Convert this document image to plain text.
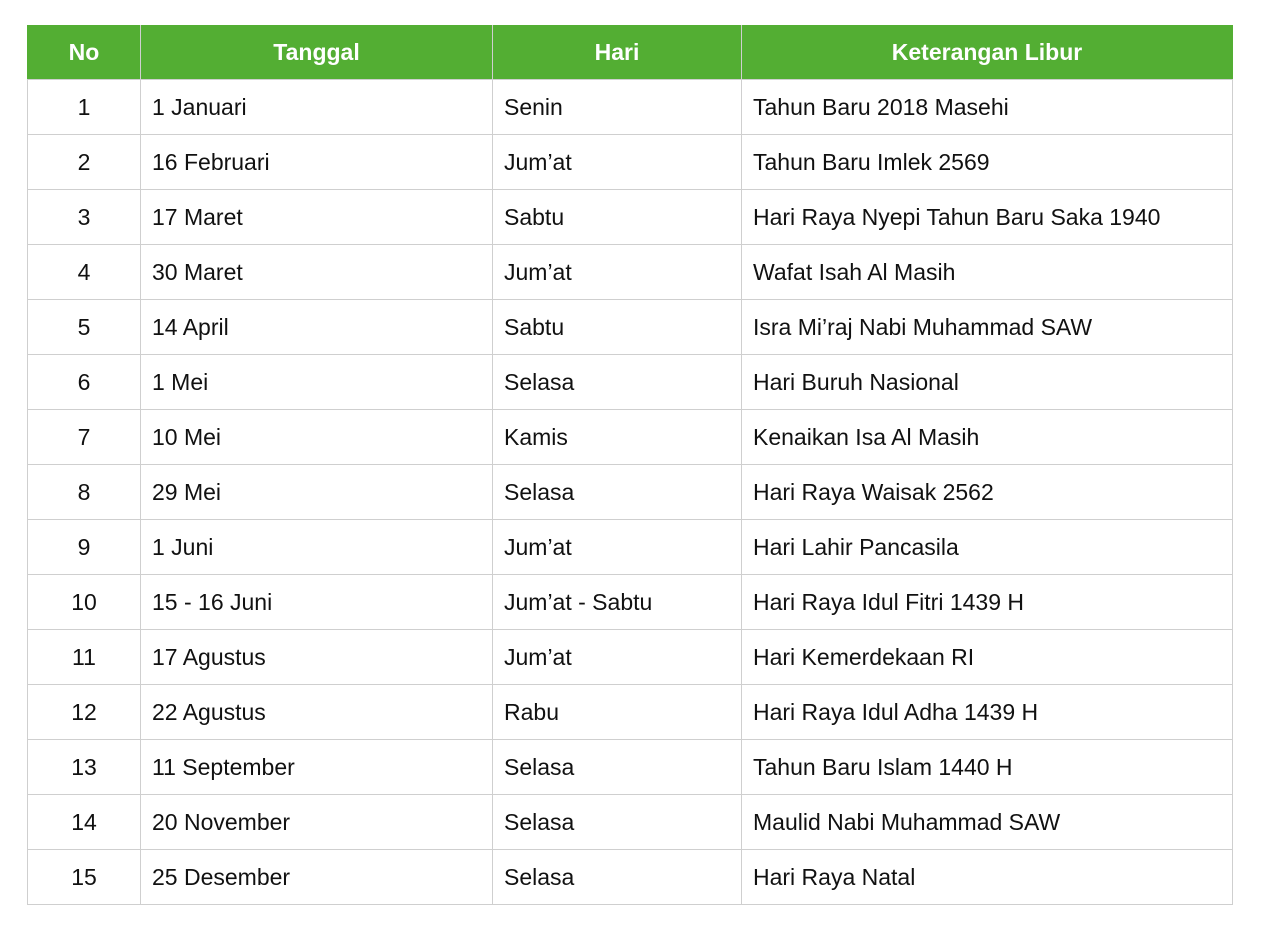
No	Tanggal	Hari	Keterangan Libur
1	1 Januari	Senin	Tahun Baru 2018 Masehi
2	16 Februari	Jum’at	Tahun Baru Imlek 2569
3	17 Maret	Sabtu	Hari Raya Nyepi Tahun Baru Saka 1940
4	30 Maret	Jum’at	Wafat Isah Al Masih
5	14 April	Sabtu	Isra Mi’raj Nabi Muhammad SAW
6	1 Mei	Selasa	Hari Buruh Nasional
7	10 Mei	Kamis	Kenaikan Isa Al Masih
8	29 Mei	Selasa	Hari Raya Waisak 2562
9	1 Juni	Jum’at	Hari Lahir Pancasila
10	15 - 16 Juni	Jum’at - Sabtu	Hari Raya Idul Fitri 1439 H
11	17 Agustus	Jum’at	Hari Kemerdekaan RI
12	22 Agustus	Rabu	Hari Raya Idul Adha 1439 H
13	11 September	Selasa	Tahun Baru Islam 1440 H
14	20 November	Selasa	Maulid Nabi Muhammad SAW
15	25 Desember	Selasa	Hari Raya Natal
